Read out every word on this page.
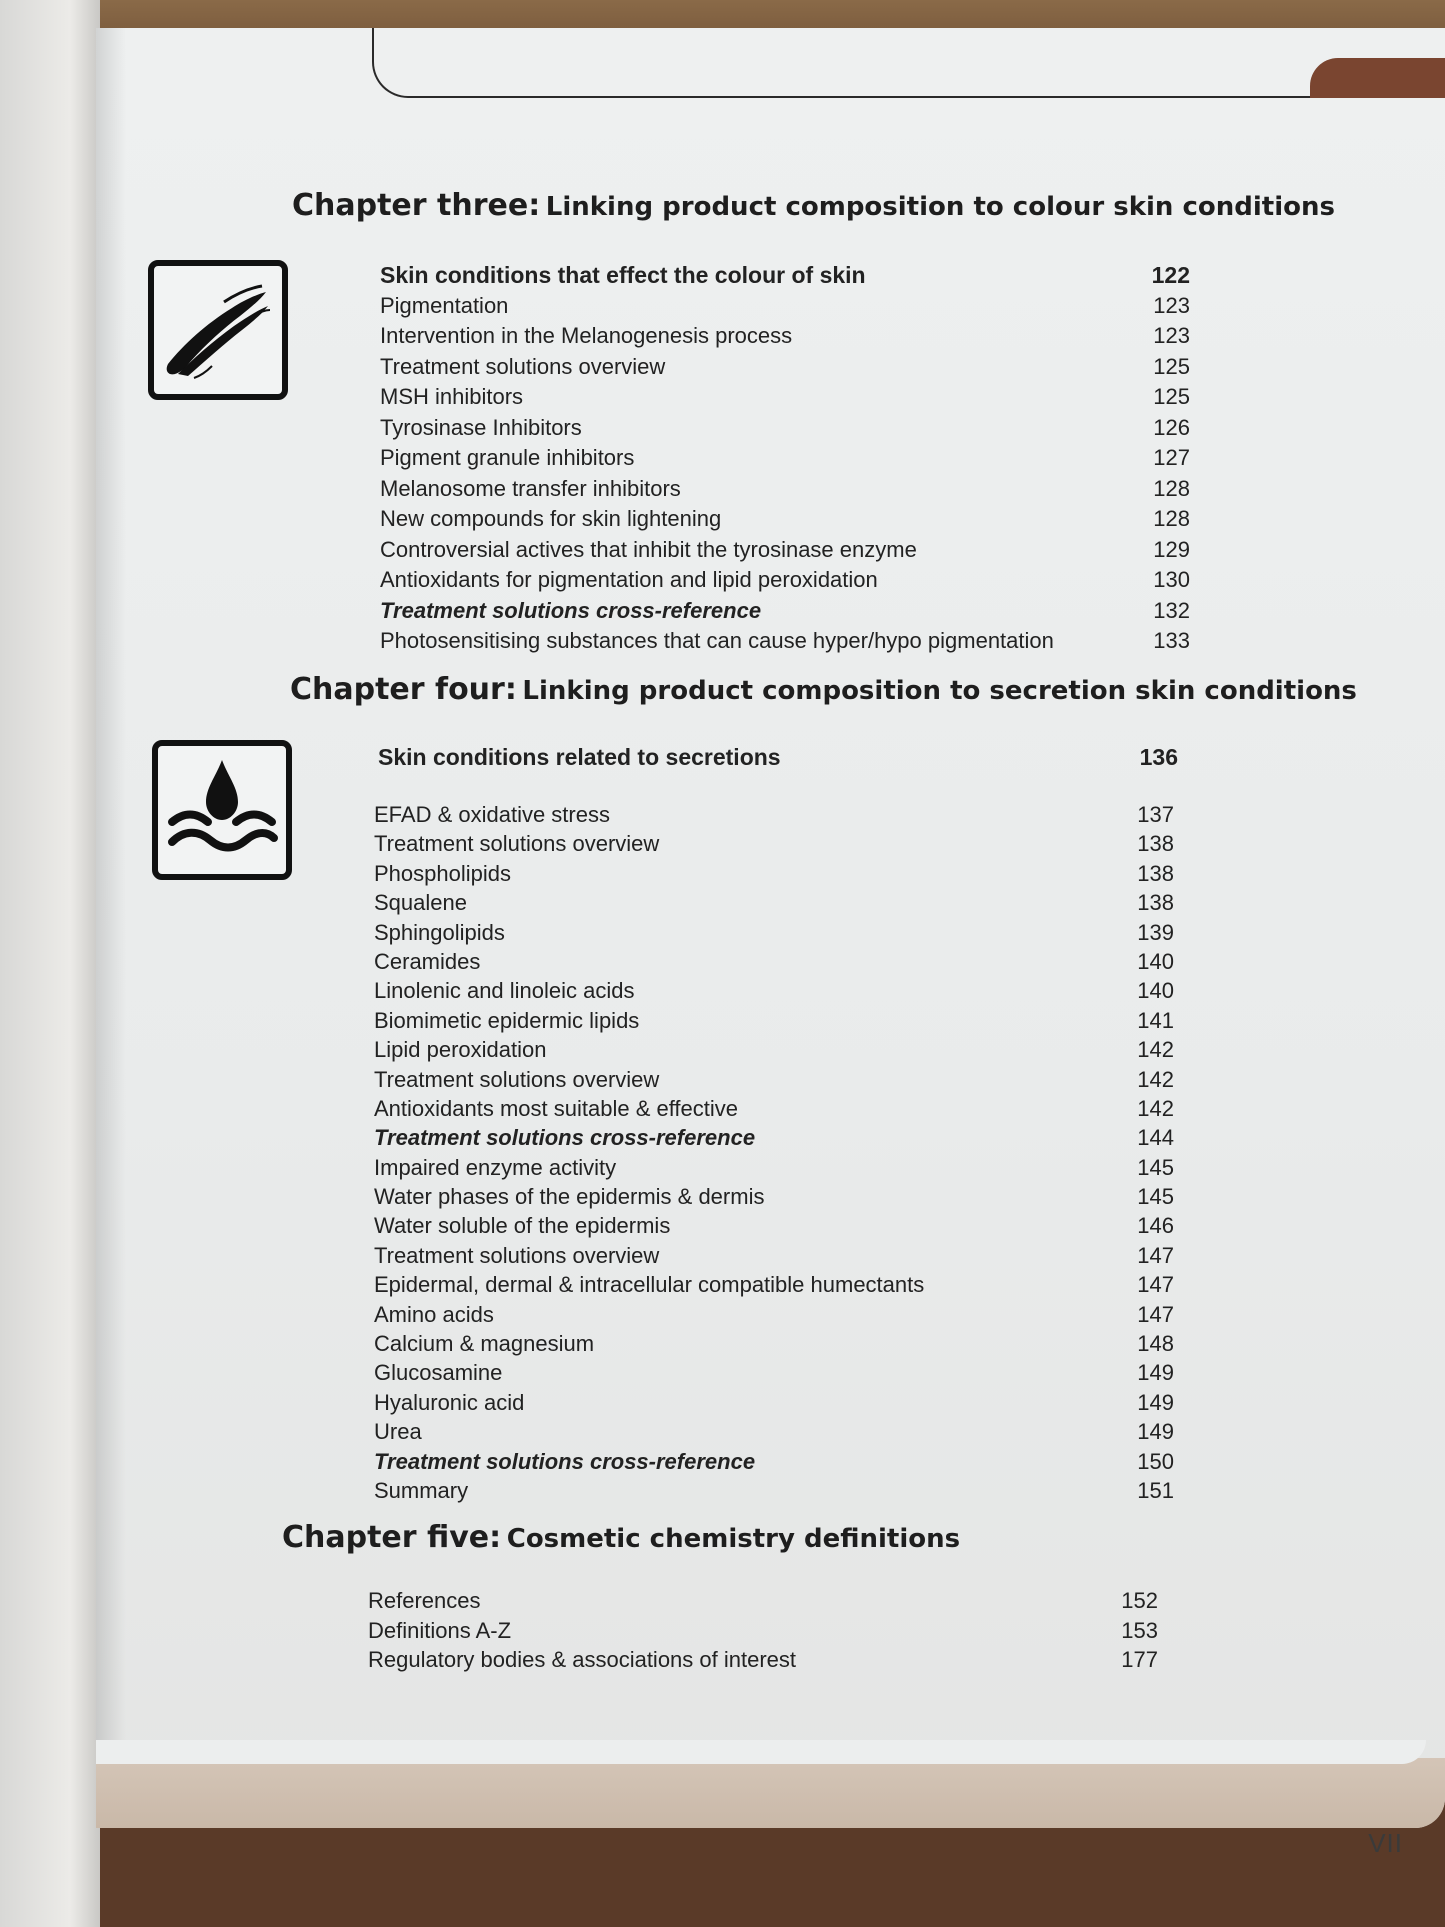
Chapter three: Linking product composition to colour skin conditions
Skin conditions that effect the colour of skin	122
Pigmentation	123
Intervention in the Melanogenesis process	123
Treatment solutions overview	125
MSH inhibitors	125
Tyrosinase Inhibitors	126
Pigment granule inhibitors	127
Melanosome transfer inhibitors	128
New compounds for skin lightening	128
Controversial actives that inhibit the tyrosinase enzyme	129
Antioxidants for pigmentation and lipid peroxidation	130
Treatment solutions cross-reference	132
Photosensitising substances that can cause hyper/hypo pigmentation	133
Chapter four: Linking product composition to secretion skin conditions
Skin conditions related to secretions	136
EFAD & oxidative stress	137
Treatment solutions overview	138
Phospholipids	138
Squalene	138
Sphingolipids	139
Ceramides	140
Linolenic and linoleic acids	140
Biomimetic epidermic lipids	141
Lipid peroxidation	142
Treatment solutions overview	142
Antioxidants most suitable & effective	142
Treatment solutions cross-reference	144
Impaired enzyme activity	145
Water phases of the epidermis & dermis	145
Water soluble of the epidermis	146
Treatment solutions overview	147
Epidermal, dermal & intracellular compatible humectants	147
Amino acids	147
Calcium & magnesium	148
Glucosamine	149
Hyaluronic acid	149
Urea	149
Treatment solutions cross-reference	150
Summary	151
Chapter five: Cosmetic chemistry definitions
References	152
Definitions A-Z	153
Regulatory bodies & associations of interest	177
VII
